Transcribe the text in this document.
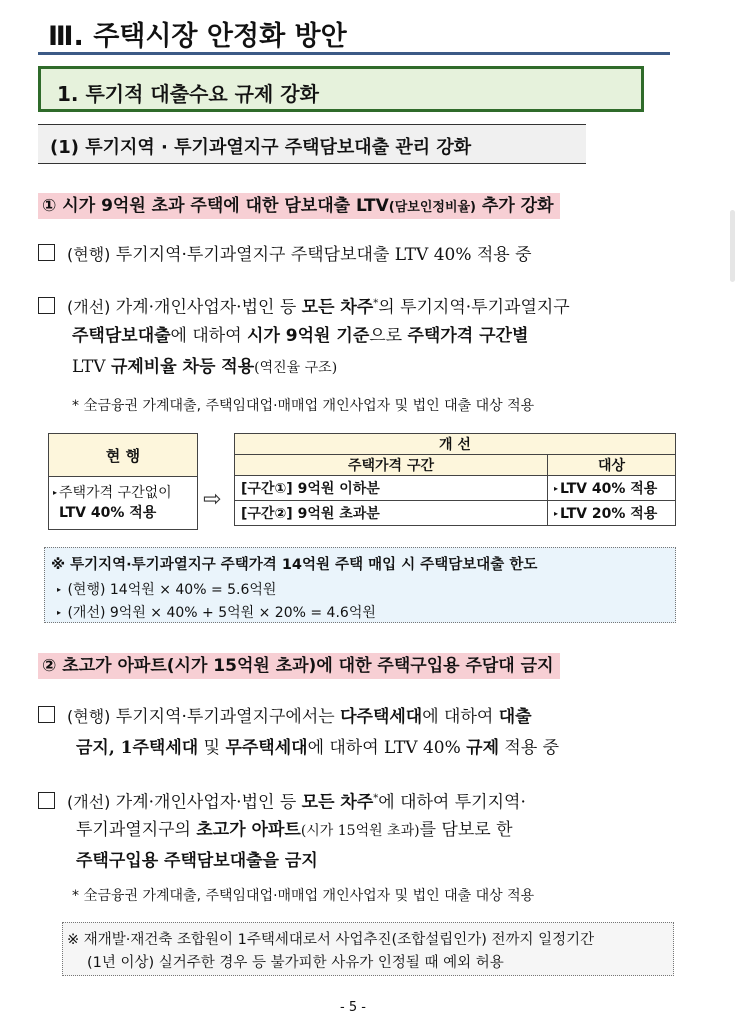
Ⅲ. 주택시장 안정화 방안
1. 투기적 대출수요 규제 강화
(1) 투기지역 · 투기과열지구 주택담보대출 관리 강화
① 시가 9억원 초과 주택에 대한 담보대출 LTV(담보인정비율) 추가 강화
(현행) 투기지역·투기과열지구 주택담보대출 LTV 40% 적용 중
(개선) 가계·개인사업자·법인 등 모든 차주*의 투기지역·투기과열지구
주택담보대출에 대하여 시가 9억원 기준으로 주택가격 구간별
LTV 규제비율 차등 적용(역진율 구조)
* 全금융권 가계대출, 주택임대업·매매업 개인사업자 및 법인 대출 대상 적용
현 행
▸ 주택가격 구간없이
LTV 40% 적용
⇨
개 선	
주택가격 구간	대상
[구간①] 9억원 이하분	▸ LTV 40% 적용
[구간②] 9억원 초과분	▸ LTV 20% 적용
※ 투기지역·투기과열지구 주택가격 14억원 주택 매입 시 주택담보대출 한도
▸ (현행) 14억원 × 40% = 5.6억원
▸ (개선) 9억원 × 40% + 5억원 × 20% = 4.6억원
② 초고가 아파트(시가 15억원 초과)에 대한 주택구입용 주담대 금지
(현행) 투기지역·투기과열지구에서는 다주택세대에 대하여 대출
금지, 1주택세대 및 무주택세대에 대하여 LTV 40% 규제 적용 중
(개선) 가계·개인사업자·법인 등 모든 차주*에 대하여 투기지역·
투기과열지구의 초고가 아파트(시가 15억원 초과)를 담보로 한
주택구입용 주택담보대출을 금지
* 全금융권 가계대출, 주택임대업·매매업 개인사업자 및 법인 대출 대상 적용
※ 재개발·재건축 조합원이 1주택세대로서 사업추진(조합설립인가) 전까지 일정기간
(1년 이상) 실거주한 경우 등 불가피한 사유가 인정될 때 예외 허용
- 5 -
